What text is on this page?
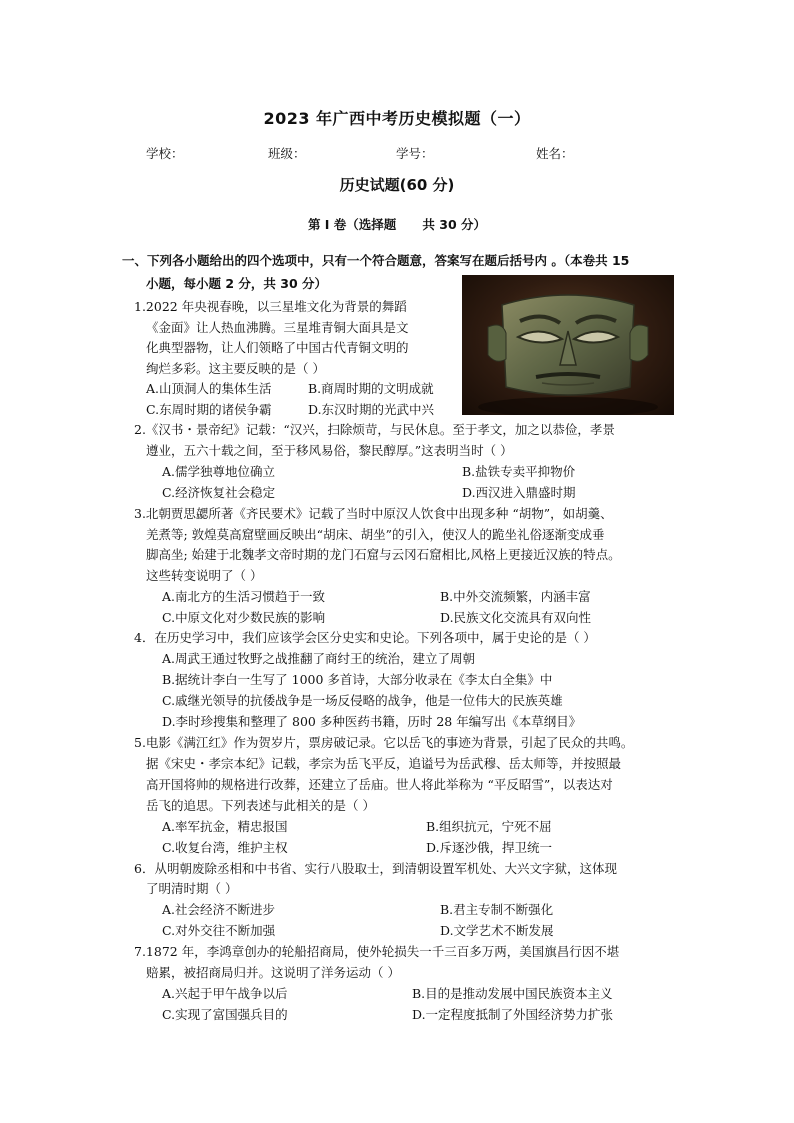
2023 年广西中考历史模拟题（一）
学校：	班级：	学号：	姓名：
历史试题(60 分)
第 I 卷（选择题      共 30 分）
一、下列各小题给出的四个选项中，只有一个符合题意，答案写在题后括号内 。（本卷共 15
小题，每小题 2 分，共 30 分）
1.2022 年央视春晚，以三星堆文化为背景的舞蹈
《金面》让人热血沸腾。三星堆青铜大面具是文
化典型器物，让人们领略了中国古代青铜文明的
绚烂多彩。这主要反映的是（ ）
A.山顶洞人的集体生活	B.商周时期的文明成就
C.东周时期的诸侯争霸	D.东汉时期的光武中兴
2.《汉书・景帝纪》记载：“汉兴，扫除烦苛，与民休息。至于孝文，加之以恭俭，孝景
遵业，五六十载之间，至于移风易俗，黎民醇厚。”这表明当时（ ）
A.儒学独尊地位确立	B.盐铁专卖平抑物价
C.经济恢复社会稳定	D.西汉进入鼎盛时期
3.北朝贾思勰所著《齐民要术》记载了当时中原汉人饮食中出现多种 “胡物”，如胡羹、
羌煮等; 敦煌莫高窟壁画反映出“胡床、胡坐”的引入，使汉人的跪坐礼俗逐渐变成垂
脚高坐; 始建于北魏孝文帝时期的龙门石窟与云冈石窟相比,风格上更接近汉族的特点。
这些转变说明了（ ）
A.南北方的生活习惯趋于一致	B.中外交流频繁，内涵丰富
C.中原文化对少数民族的影响	D.民族文化交流具有双向性
4．在历史学习中，我们应该学会区分史实和史论。下列各项中，属于史论的是（ ）
A.周武王通过牧野之战推翻了商纣王的统治，建立了周朝
B.据统计李白一生写了 1000 多首诗，大部分收录在《李太白全集》中
C.戚继光领导的抗倭战争是一场反侵略的战争，他是一位伟大的民族英雄
D.李时珍搜集和整理了 800 多种医药书籍，历时 28 年编写出《本草纲目》
5.电影《满江红》作为贺岁片，票房破记录。它以岳飞的事迹为背景，引起了民众的共鸣。
据《宋史・孝宗本纪》记载，孝宗为岳飞平反，追谥号为岳武穆、岳太师等，并按照最
高开国将帅的规格进行改葬，还建立了岳庙。世人将此举称为 “平反昭雪”，以表达对
岳飞的追思。下列表述与此相关的是（ ）
A.率军抗金，精忠报国	B.组织抗元，宁死不屈
C.收复台湾，维护主权	D.斥逐沙俄，捍卫统一
6．从明朝废除丞相和中书省、实行八股取士，到清朝设置军机处、大兴文字狱，这体现
了明清时期（ ）
A.社会经济不断进步	B.君主专制不断强化
C.对外交往不断加强	D.文学艺术不断发展
7.1872 年，李鸿章创办的轮船招商局，使外轮损失一千三百多万两，美国旗昌行因不堪
赔累，被招商局归并。这说明了洋务运动（ ）
A.兴起于甲午战争以后	B.目的是推动发展中国民族资本主义
C.实现了富国强兵目的	D.一定程度抵制了外国经济势力扩张
